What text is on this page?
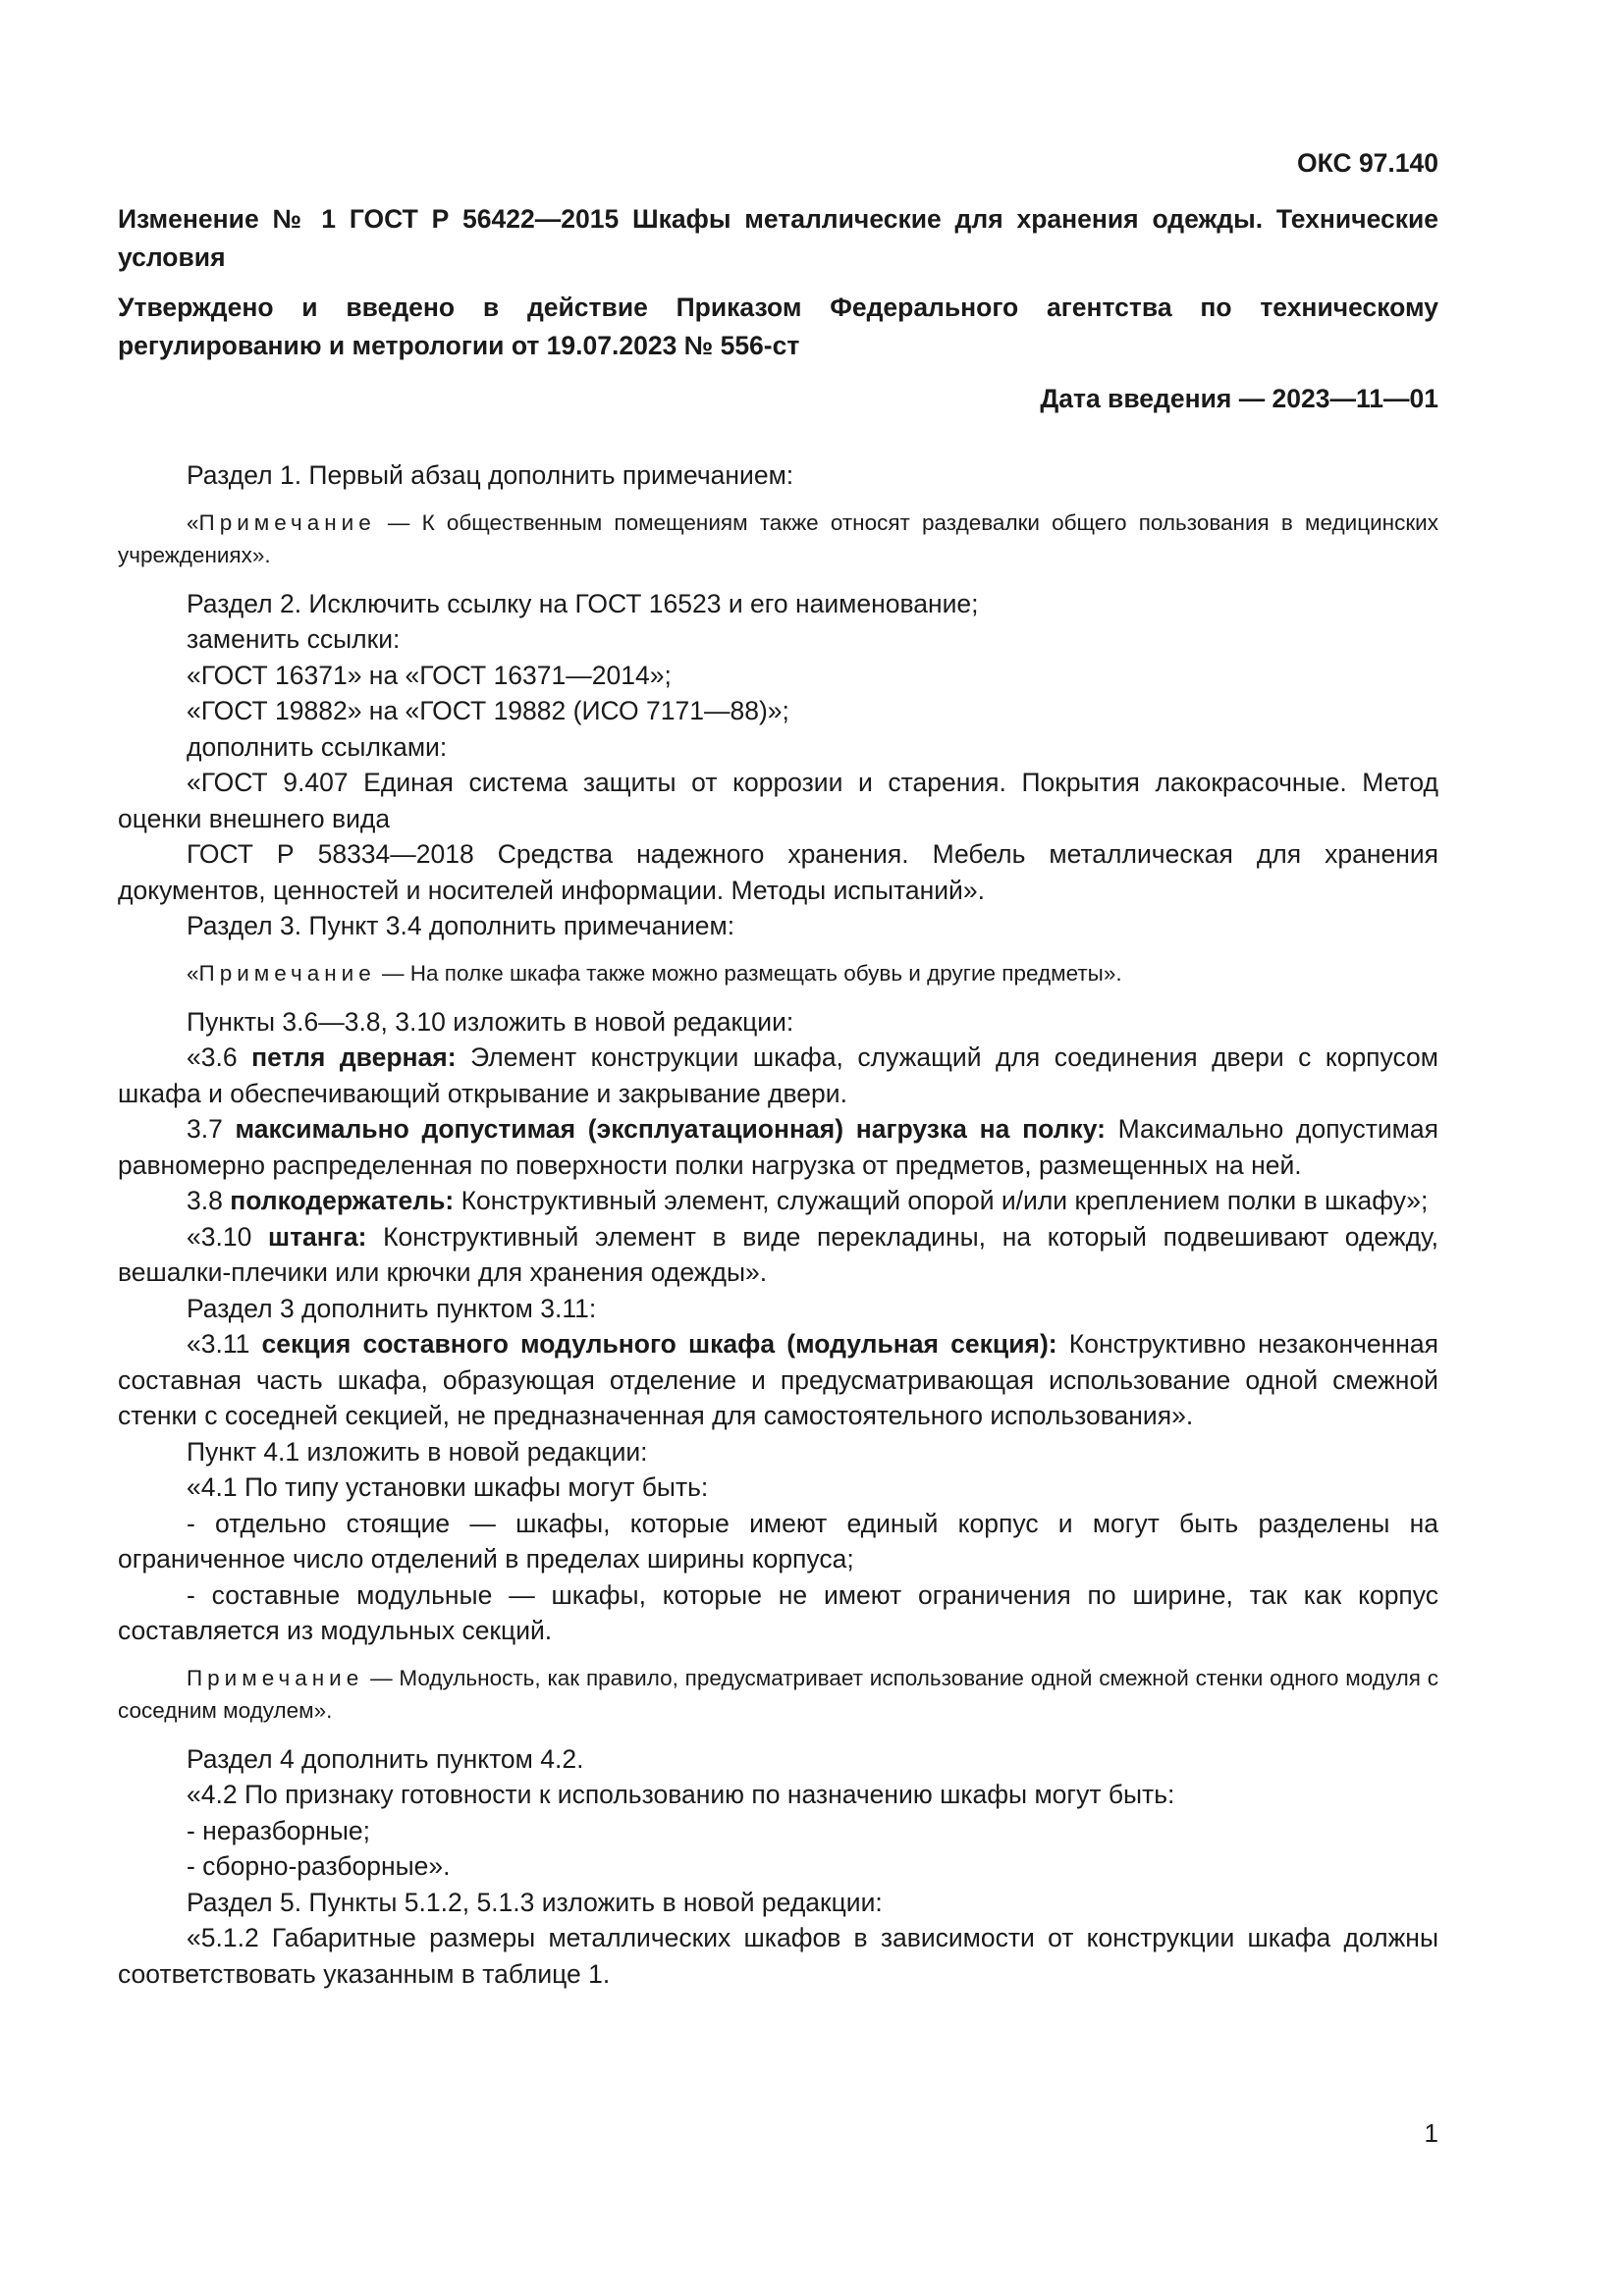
ОКС 97.140

Изменение № 1 ГОСТ Р 56422—2015 Шкафы металлические для хранения одежды. Технические условия

Утверждено и введено в действие Приказом Федерального агентства по техническому регулированию и метрологии от 19.07.2023 № 556-ст

Дата введения — 2023—11—01

Раздел 1. Первый абзац дополнить примечанием:

«Примечание — К общественным помещениям также относят раздевалки общего пользования в медицинских учреждениях».

Раздел 2. Исключить ссылку на ГОСТ 16523 и его наименование;

заменить ссылки:

«ГОСТ 16371» на «ГОСТ 16371—2014»;

«ГОСТ 19882» на «ГОСТ 19882 (ИСО 7171—88)»;

дополнить ссылками:

«ГОСТ 9.407 Единая система защиты от коррозии и старения. Покрытия лакокрасочные. Метод оценки внешнего вида

ГОСТ Р 58334—2018 Средства надежного хранения. Мебель металлическая для хранения документов, ценностей и носителей информации. Методы испытаний».

Раздел 3. Пункт 3.4 дополнить примечанием:

«Примечание — На полке шкафа также можно размещать обувь и другие предметы».

Пункты 3.6—3.8, 3.10 изложить в новой редакции:

«3.6 петля дверная: Элемент конструкции шкафа, служащий для соединения двери с корпусом шкафа и обеспечивающий открывание и закрывание двери.

3.7 максимально допустимая (эксплуатационная) нагрузка на полку: Максимально допустимая равномерно распределенная по поверхности полки нагрузка от предметов, размещенных на ней.

3.8 полкодержатель: Конструктивный элемент, служащий опорой и/или креплением полки в шкафу»;

«3.10 штанга: Конструктивный элемент в виде перекладины, на который подвешивают одежду, вешалки-плечики или крючки для хранения одежды».

Раздел 3 дополнить пунктом 3.11:

«3.11 секция составного модульного шкафа (модульная секция): Конструктивно незаконченная составная часть шкафа, образующая отделение и предусматривающая использование одной смежной стенки с соседней секцией, не предназначенная для самостоятельного использования».

Пункт 4.1 изложить в новой редакции:

«4.1 По типу установки шкафы могут быть:

- отдельно стоящие — шкафы, которые имеют единый корпус и могут быть разделены на ограниченное число отделений в пределах ширины корпуса;

- составные модульные — шкафы, которые не имеют ограничения по ширине, так как корпус составляется из модульных секций.

Примечание — Модульность, как правило, предусматривает использование одной смежной стенки одного модуля с соседним модулем».

Раздел 4 дополнить пунктом 4.2.

«4.2 По признаку готовности к использованию по назначению шкафы могут быть:

- неразборные;

- сборно-разборные».

Раздел 5. Пункты 5.1.2, 5.1.3 изложить в новой редакции:

«5.1.2 Габаритные размеры металлических шкафов в зависимости от конструкции шкафа должны соответствовать указанным в таблице 1.

1
